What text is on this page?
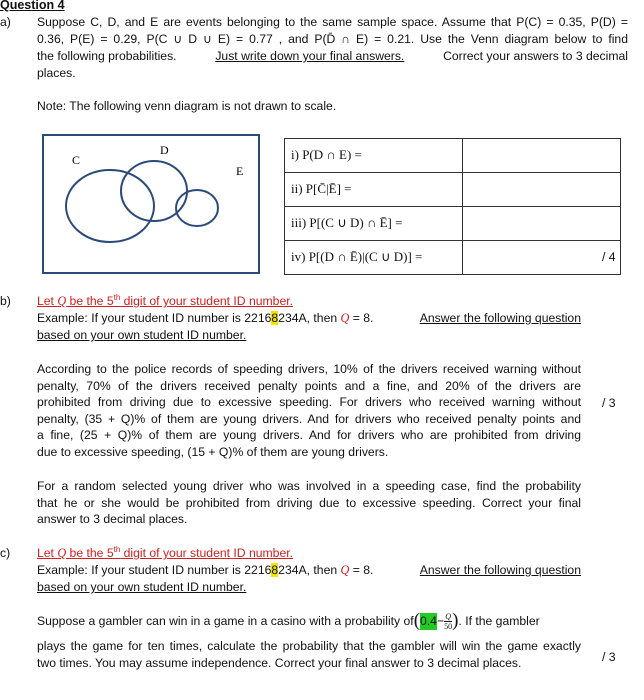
Question 4
a) Suppose C, D, and E are events belonging to the same sample space. Assume that P(C) = 0.35, P(D) =
0.36, P(E) = 0.29, P(C ∪ D ∪ E) = 0.77 , and P(D̄ ∩ E) = 0.21. Use the Venn diagram below to find
the following probabilities.	Just write down your final answers.	Correct your answers to 3 decimal
places.
Note: The following venn diagram is not drawn to scale.
C
D
E
i) P(D ∩ E) =	
ii) P[C̄|Ē] =	
iii) P[(C ∪ D) ∩ Ē] =	
iv) P[(D ∩ Ē)|(C ∪ D)] =		/ 4
b) Let Q be the 5th digit of your student ID number.
Example: If your student ID number is 22168234A, then Q = 8.	Answer the following question
based on your own student ID number.
According to the police records of speeding drivers, 10% of the drivers received warning without
penalty, 70% of the drivers received penalty points and a fine, and 20% of the drivers are
prohibited from driving due to excessive speeding. For drivers who received warning without
penalty, (35 + Q)% of them are young drivers. And for drivers who received penalty points and
a fine, (25 + Q)% of them are young drivers. And for drivers who are prohibited from driving
due to excessive speeding, (15 + Q)% of them are young drivers.
/ 3
For a random selected young driver who was involved in a speeding case, find the probability
that he or she would be prohibited from driving due to excessive speeding. Correct your final
answer to 3 decimal places.
c) Let Q be the 5th digit of your student ID number.
Example: If your student ID number is 22168234A, then Q = 8.	Answer the following question
based on your own student ID number.
Suppose a gambler can win in a game in a casino with a probability of ( $0.4 - \frac{Q}{50}$ ) . If the gambler
plays the game for ten times, calculate the probability that the gambler will win the game exactly
two times. You may assume independence. Correct your final answer to 3 decimal places.	/ 3
